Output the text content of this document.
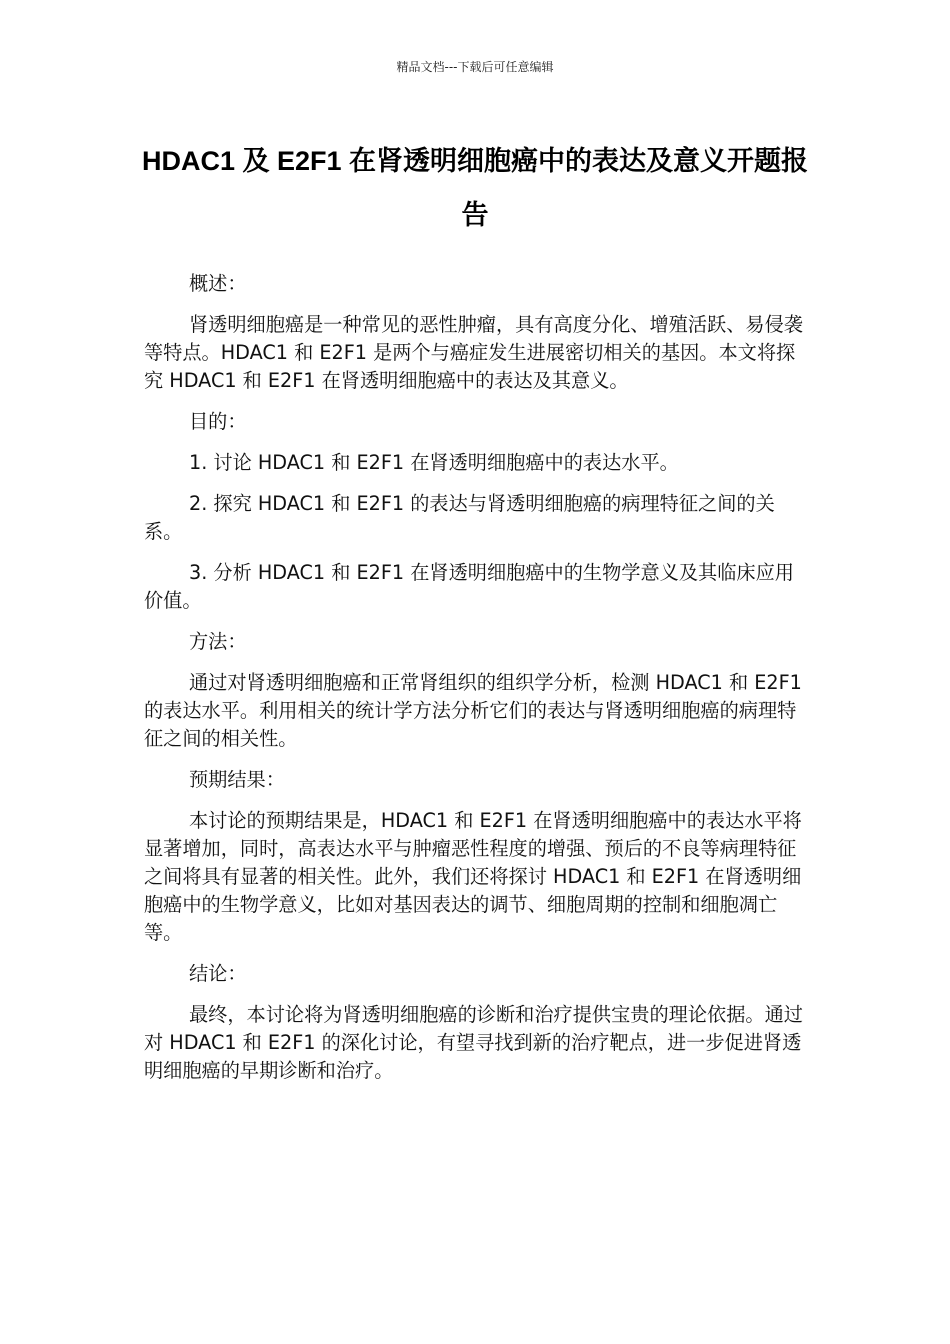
精品文档---下载后可任意编辑
HDAC1 及 E2F1 在肾透明细胞癌中的表达及意义开题报告

概述：

肾透明细胞癌是一种常见的恶性肿瘤，具有高度分化、增殖活跃、易侵袭等特点。HDAC1 和 E2F1 是两个与癌症发生进展密切相关的基因。本文将探究 HDAC1 和 E2F1 在肾透明细胞癌中的表达及其意义。

目的：

1. 讨论 HDAC1 和 E2F1 在肾透明细胞癌中的表达水平。

2. 探究 HDAC1 和 E2F1 的表达与肾透明细胞癌的病理特征之间的关系。

3. 分析 HDAC1 和 E2F1 在肾透明细胞癌中的生物学意义及其临床应用价值。

方法：

通过对肾透明细胞癌和正常肾组织的组织学分析，检测 HDAC1 和 E2F1 的表达水平。利用相关的统计学方法分析它们的表达与肾透明细胞癌的病理特征之间的相关性。

预期结果：

本讨论的预期结果是，HDAC1 和 E2F1 在肾透明细胞癌中的表达水平将显著增加，同时，高表达水平与肿瘤恶性程度的增强、预后的不良等病理特征之间将具有显著的相关性。此外，我们还将探讨 HDAC1 和 E2F1 在肾透明细胞癌中的生物学意义，比如对基因表达的调节、细胞周期的控制和细胞凋亡等。

结论：

最终，本讨论将为肾透明细胞癌的诊断和治疗提供宝贵的理论依据。通过对 HDAC1 和 E2F1 的深化讨论，有望寻找到新的治疗靶点，进一步促进肾透明细胞癌的早期诊断和治疗。
